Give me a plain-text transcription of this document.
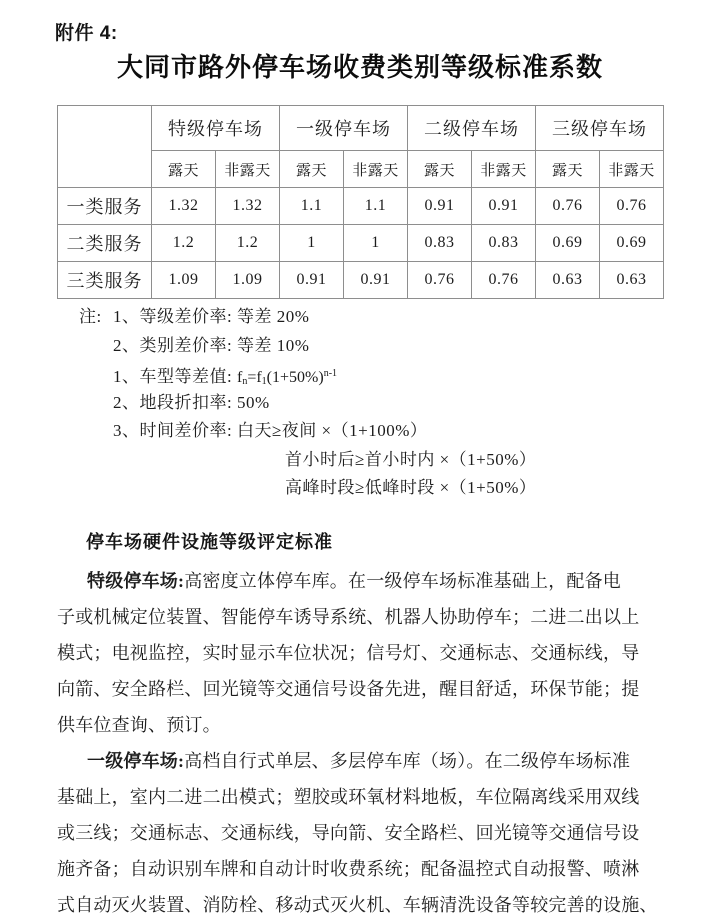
附件 4:
大同市路外停车场收费类别等级标准系数
	特级停车场		一级停车场		二级停车场		三级停车场	
	露天	非露天	露天	非露天	露天	非露天	露天	非露天
一类服务	1.32	1.32	1.1	1.1	0.91	0.91	0.76	0.76
二类服务	1.2	1.2	1	1	0.83	0.83	0.69	0.69
三类服务	1.09	1.09	0.91	0.91	0.76	0.76	0.63	0.63
注: 1、等级差价率: 等差 20%
2、类别差价率: 等差 10%
1、车型等差值: $f_n=f_1(1+50\%)^{n-1}$
2、地段折扣率: 50%
3、时间差价率: 白天≥夜间 ×（1+100%）
首小时后≥首小时内 ×（1+50%）
高峰时段≥低峰时段 ×（1+50%）
停车场硬件设施等级评定标准
特级停车场:高密度立体停车库。在一级停车场标准基础上，配备电
子或机械定位装置、智能停车诱导系统、机器人协助停车；二进二出以上
模式；电视监控，实时显示车位状况；信号灯、交通标志、交通标线，导
向箭、安全路栏、回光镜等交通信号设备先进，醒目舒适，环保节能；提
供车位查询、预订。
一级停车场:高档自行式单层、多层停车库（场）。在二级停车场标准
基础上，室内二进二出模式；塑胶或环氧材料地板，车位隔离线采用双线
或三线；交通标志、交通标线，导向箭、安全路栏、回光镜等交通信号设
施齐备；自动识别车牌和自动计时收费系统；配备温控式自动报警、喷淋
式自动灭火装置、消防栓、移动式灭火机、车辆清洗设备等较完善的设施、
